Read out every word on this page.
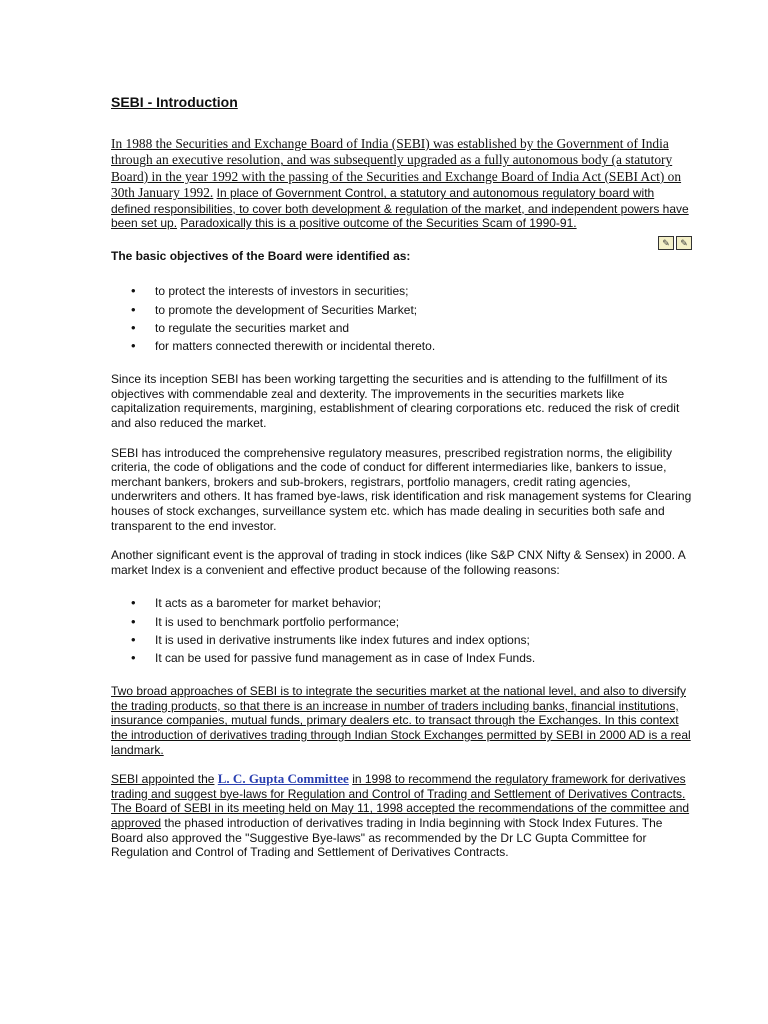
SEBI - Introduction
In 1988 the Securities and Exchange Board of India (SEBI) was established by the Government of India through an executive resolution, and was subsequently upgraded as a fully autonomous body (a statutory Board) in the year 1992 with the passing of the Securities and Exchange Board of India Act (SEBI Act) on 30th January 1992. In place of Government Control, a statutory and autonomous regulatory board with defined responsibilities, to cover both development & regulation of the market, and independent powers have been set up. Paradoxically this is a positive outcome of the Securities Scam of 1990-91.
✎	✎
The basic objectives of the Board were identified as:
• to protect the interests of investors in securities;
• to promote the development of Securities Market;
• to regulate the securities market and
• for matters connected therewith or incidental thereto.

Since its inception SEBI has been working targetting the securities and is attending to the fulfillment of its objectives with commendable zeal and dexterity. The improvements in the securities markets like capitalization requirements, margining, establishment of clearing corporations etc. reduced the risk of credit and also reduced the market.

SEBI has introduced the comprehensive regulatory measures, prescribed registration norms, the eligibility criteria, the code of obligations and the code of conduct for different intermediaries like, bankers to issue, merchant bankers, brokers and sub-brokers, registrars, portfolio managers, credit rating agencies, underwriters and others. It has framed bye-laws, risk identification and risk management systems for Clearing houses of stock exchanges, surveillance system etc. which has made dealing in securities both safe and transparent to the end investor.

Another significant event is the approval of trading in stock indices (like S&P CNX Nifty & Sensex) in 2000. A market Index is a convenient and effective product because of the following reasons:

• It acts as a barometer for market behavior;
• It is used to benchmark portfolio performance;
• It is used in derivative instruments like index futures and index options;
• It can be used for passive fund management as in case of Index Funds.

Two broad approaches of SEBI is to integrate the securities market at the national level, and also to diversify the trading products, so that there is an increase in number of traders including banks, financial institutions, insurance companies, mutual funds, primary dealers etc. to transact through the Exchanges. In this context the introduction of derivatives trading through Indian Stock Exchanges permitted by SEBI in 2000 AD is a real landmark.

SEBI appointed the L. C. Gupta Committee in 1998 to recommend the regulatory framework for derivatives trading and suggest bye-laws for Regulation and Control of Trading and Settlement of Derivatives Contracts. The Board of SEBI in its meeting held on May 11, 1998 accepted the recommendations of the committee and approved the phased introduction of derivatives trading in India beginning with Stock Index Futures. The Board also approved the "Suggestive Bye-laws" as recommended by the Dr LC Gupta Committee for Regulation and Control of Trading and Settlement of Derivatives Contracts.
